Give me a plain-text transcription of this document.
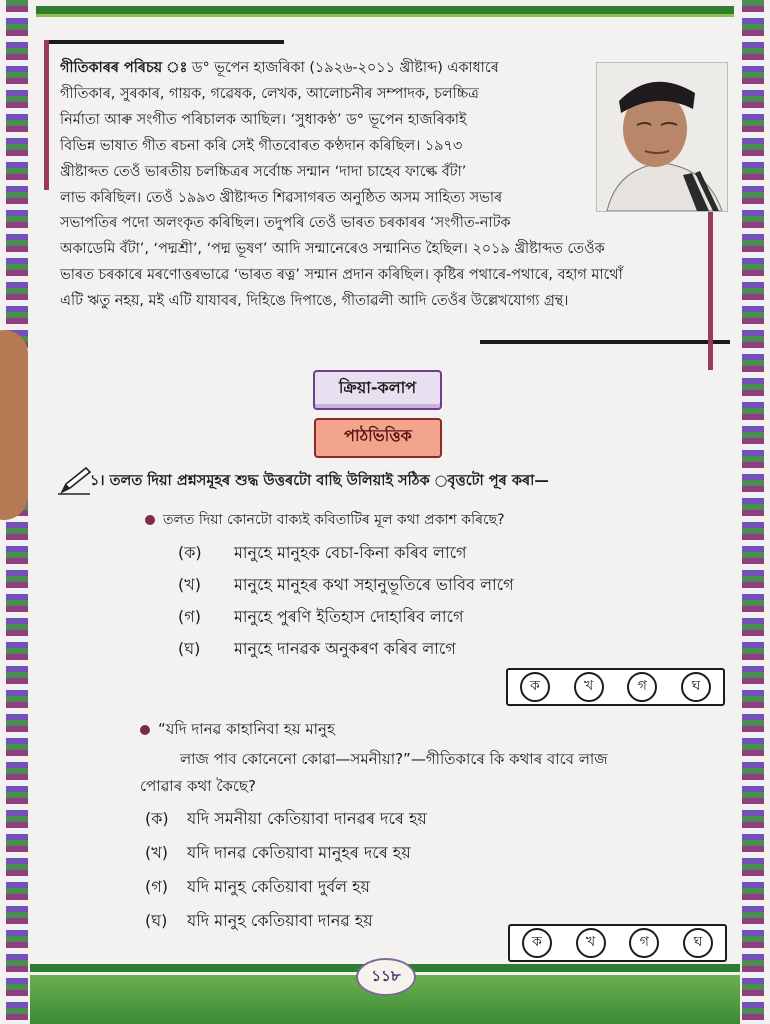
গীতিকাৰৰ পৰিচয় ঃ ড° ভূপেন হাজৰিকা (১৯২৬-২০১১ খ্ৰীষ্টাব্দ) একাধাৰে

গীতিকাৰ, সুৰকাৰ, গায়ক, গৱেষক, লেখক, আলোচনীৰ সম্পাদক, চলচ্চিত্ৰ

নিৰ্মাতা আৰু সংগীত পৰিচালক আছিল। ‘সুধাকণ্ঠ’ ড° ভূপেন হাজৰিকাই

বিভিন্ন ভাষাত গীত ৰচনা কৰি সেই গীতবোৰত কণ্ঠদান কৰিছিল। ১৯৭৩

খ্ৰীষ্টাব্দত তেওঁ ভাৰতীয় চলচ্চিত্ৰৰ সৰ্বোচ্চ সন্মান ‘দাদা চাহেব ফাল্কে বঁটা’

লাভ কৰিছিল। তেওঁ ১৯৯৩ খ্ৰীষ্টাব্দত শিৱসাগৰত অনুষ্ঠিত অসম সাহিত্য সভাৰ

সভাপতিৰ পদো অলংকৃত কৰিছিল। তদুপৰি তেওঁ ভাৰত চৰকাৰৰ ‘সংগীত-নাটক

অকাডেমি বঁটা’, ‘পদ্মশ্ৰী’, ‘পদ্ম ভূষণ’ আদি সন্মানেৰেও সন্মানিত হৈছিল। ২০১৯ খ্ৰীষ্টাব্দত তেওঁক

ভাৰত চৰকাৰে মৰণোত্তৰভাৱে ‘ভাৰত ৰত্ন’ সন্মান প্ৰদান কৰিছিল। কৃষ্টিৰ পথাৰে-পথাৰে, বহাগ মাথোঁ

এটি ঋতু নহয়, মই এটি যাযাবৰ, দিহিঙে দিপাঙে, গীতাৱলী আদি তেওঁৰ উল্লেখযোগ্য গ্ৰন্থ।

ক্ৰিয়া-কলাপ
পাঠভিত্তিক
১। তলত দিয়া প্ৰশ্নসমূহৰ শুদ্ধ উত্তৰটো বাছি উলিয়াই সঠিক ○বৃত্তটো পূৰ কৰা—
তলত দিয়া কোনটো বাক্যই কবিতাটিৰ মূল কথা প্ৰকাশ কৰিছে?
(ক) মানুহে মানুহক বেচা-কিনা কৰিব লাগে
(খ) মানুহে মানুহৰ কথা সহানুভূতিৰে ভাবিব লাগে
(গ) মানুহে পুৰণি ইতিহাস দোহাৰিব লাগে
(ঘ) মানুহে দানৱক অনুকৰণ কৰিব লাগে
ক	খ	গ	ঘ
“যদি দানৱ কাহানিবা হয় মানুহ
লাজ পাব কোনেনো কোৱা—সমনীয়া?”—গীতিকাৰে কি কথাৰ বাবে লাজ
পোৱাৰ কথা কৈছে?
(ক) যদি সমনীয়া কেতিয়াবা দানৱৰ দৰে হয়
(খ) যদি দানৱ কেতিয়াবা মানুহৰ দৰে হয়
(গ) যদি মানুহ কেতিয়াবা দুৰ্বল হয়
(ঘ) যদি মানুহ কেতিয়াবা দানৱ হয়
ক	খ	গ	ঘ
১১৮
